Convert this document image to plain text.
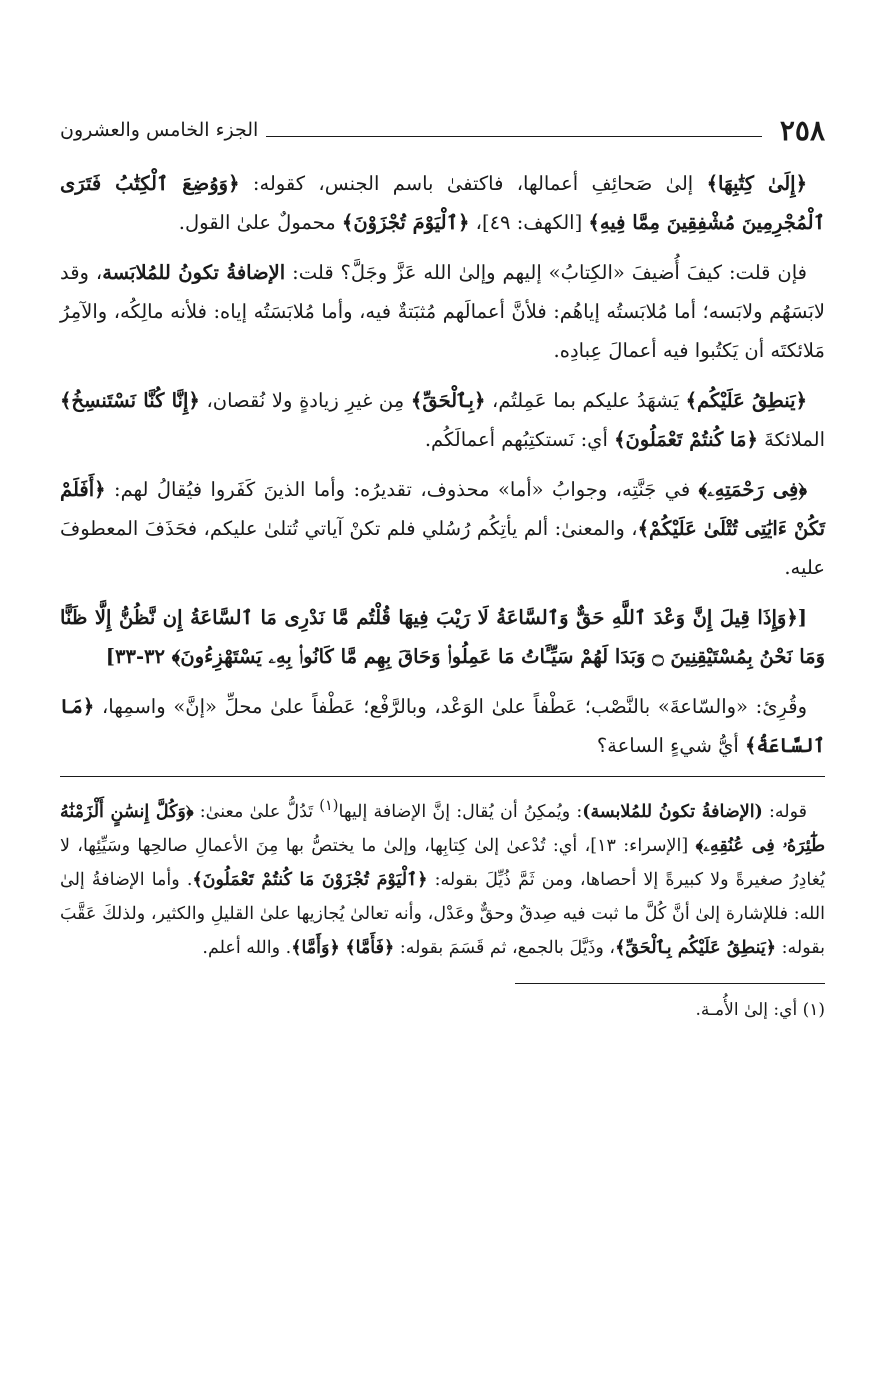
٢٥٨
الجزء الخامس والعشرون

﴿إِلَىٰ كِتَٰبِهَا﴾ إلىٰ صَحائِفِ أعمالها، فاكتفىٰ باسم الجنس، كقوله: ﴿وَوُضِعَ ٱلْكِتَٰبُ فَتَرَى ٱلْمُجْرِمِينَ مُشْفِقِينَ مِمَّا فِيهِ﴾ [الكهف: ٤٩]، ﴿ٱلْيَوْمَ تُجْزَوْنَ﴾ محمولٌ علىٰ القول.

فإن قلت: كيفَ أُضيفَ «الكِتابُ» إليهم وإلىٰ الله عَزَّ وجَلَّ؟ قلت: الإضافةُ تكونُ للمُلابَسة، وقد لابَسَهُم ولابَسه؛ أما مُلابَستُه إياهُم: فلأنَّ أعمالَهم مُثبَتةٌ فيه، وأما مُلابَسَتُه إياه: فلأنه مالِكُه، والآمِرُ مَلائكتَه أن يَكتُبوا فيه أعمالَ عِبادِه.

﴿يَنطِقُ عَلَيْكُم﴾ يَشهَدُ عليكم بما عَمِلتُم، ﴿بِٱلْحَقِّ﴾ مِن غيرِ زيادةٍ ولا نُقصان، ﴿إِنَّا كُنَّا نَسْتَنسِخُ﴾ الملائكةَ ﴿مَا كُنتُمْ تَعْمَلُونَ﴾ أي: نَستكتِبُهم أعمالَكُم.

﴿فِى رَحْمَتِهِۦ﴾ في جَنَّتِه، وجوابُ «أما» محذوف، تقديرُه: وأما الذينَ كَفَروا فيُقالُ لهم: ﴿أَفَلَمْ تَكُنْ ءَايَٰتِى تُتْلَىٰ عَلَيْكُمْ﴾، والمعنىٰ: ألم يأتِكُم رُسُلي فلم تكنْ آياتي تُتلىٰ عليكم، فحَذَفَ المعطوفَ عليه.

[﴿وَإِذَا قِيلَ إِنَّ وَعْدَ ٱللَّهِ حَقٌّ وَٱلسَّاعَةُ لَا رَيْبَ فِيهَا قُلْتُم مَّا نَدْرِى مَا ٱلسَّاعَةُ إِن نَّظُنُّ إِلَّا ظَنًّا وَمَا نَحْنُ بِمُسْتَيْقِنِينَ ۝ وَبَدَا لَهُمْ سَيِّـَٔاتُ مَا عَمِلُوا۟ وَحَاقَ بِهِم مَّا كَانُوا۟ بِهِۦ يَسْتَهْزِءُونَ﴾ ٣٢-٣٣]

وقُرِئ: «والسّاعةَ» بالنَّصْب؛ عَطْفاً علىٰ الوَعْد، وبالرَّفْع؛ عَطْفاً علىٰ محلِّ «إنَّ» واسمِها، ﴿مَا ٱلسَّاعَةُ﴾ أيُّ شيءٍ الساعة؟

قوله: (الإضافةُ تكونُ للمُلابسة): ويُمكِنُ أن يُقال: إنَّ الإضافة إليها$^{(١)}$ تَدُلُّ علىٰ معنىٰ: ﴿وَكُلَّ إِنسَٰنٍ أَلْزَمْنَٰهُ طَٰٓئِرَهُۥ فِى عُنُقِهِۦ﴾ [الإسراء: ١٣]، أي: تُدْعىٰ إلىٰ كِتابِها، وإلىٰ ما يختصُّ بها مِنَ الأعمالِ صالحِها وسَيِّئِها، لا يُغادِرُ صغيرةً ولا كبيرةً إلا أحصاها، ومن ثَمَّ ذُيِّلَ بقوله: ﴿ٱلْيَوْمَ تُجْزَوْنَ مَا كُنتُمْ تَعْمَلُونَ﴾. وأما الإضافةُ إلىٰ الله: فللإشارة إلىٰ أنَّ كُلَّ ما ثبت فيه صِدقٌ وحقٌّ وعَدْل، وأنه تعالىٰ يُجازيها علىٰ القليلِ والكثير، ولذلكَ عَقَّبَ بقوله: ﴿يَنطِقُ عَلَيْكُم بِٱلْحَقِّ﴾، وذَيَّلَ بالجمع، ثم قَسَمَ بقوله: ﴿فَأَمَّا﴾ ﴿وَأَمَّا﴾. والله أعلم.

(١) أي: إلىٰ الأُمـة.
